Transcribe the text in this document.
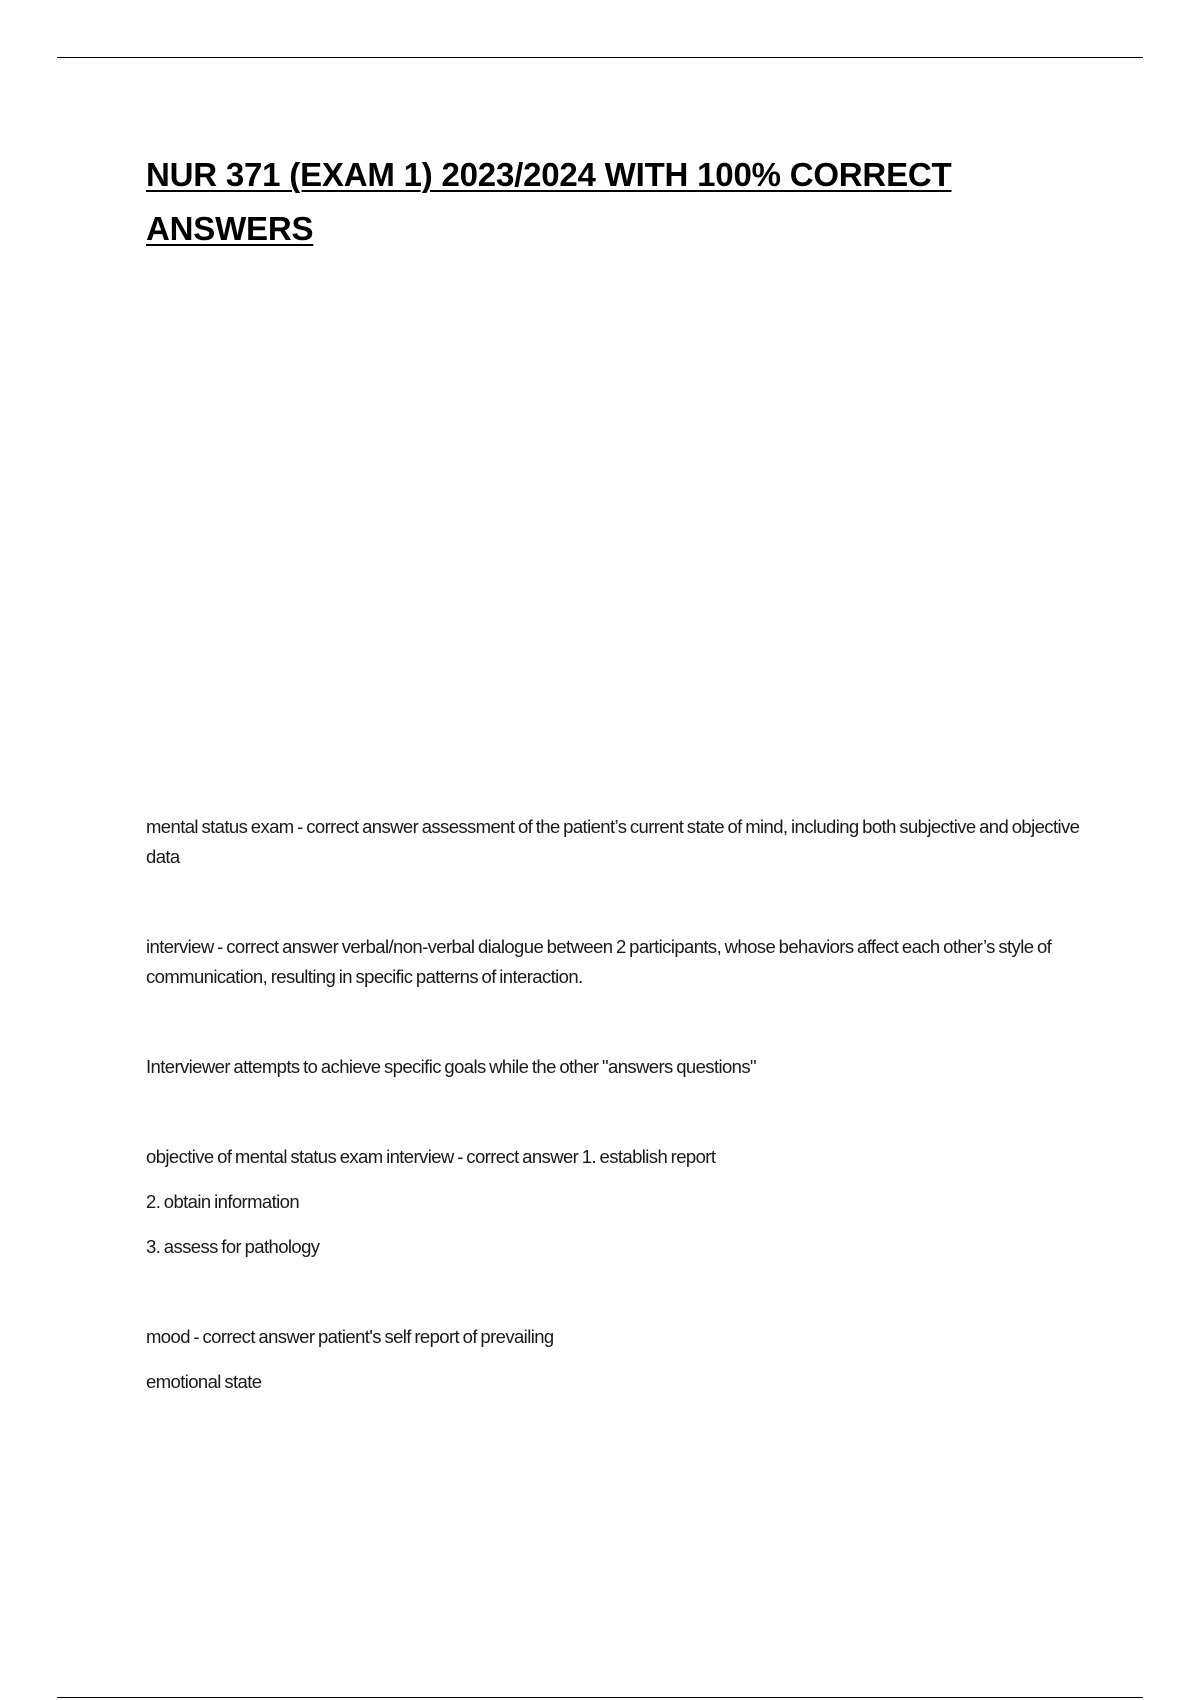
NUR 371 (EXAM 1) 2023/2024 WITH 100% CORRECT ANSWERS

mental status exam - correct answer assessment of the patient’s current state of mind, including both subjective and objective data

interview - correct answer verbal/non-verbal dialogue between 2 participants, whose behaviors affect each other’s style of communication, resulting in specific patterns of interaction.

Interviewer attempts to achieve specific goals while the other "answers questions"

objective of mental status exam interview - correct answer 1. establish report

2. obtain information

3. assess for pathology

mood - correct answer patient's self report of prevailing

emotional state
